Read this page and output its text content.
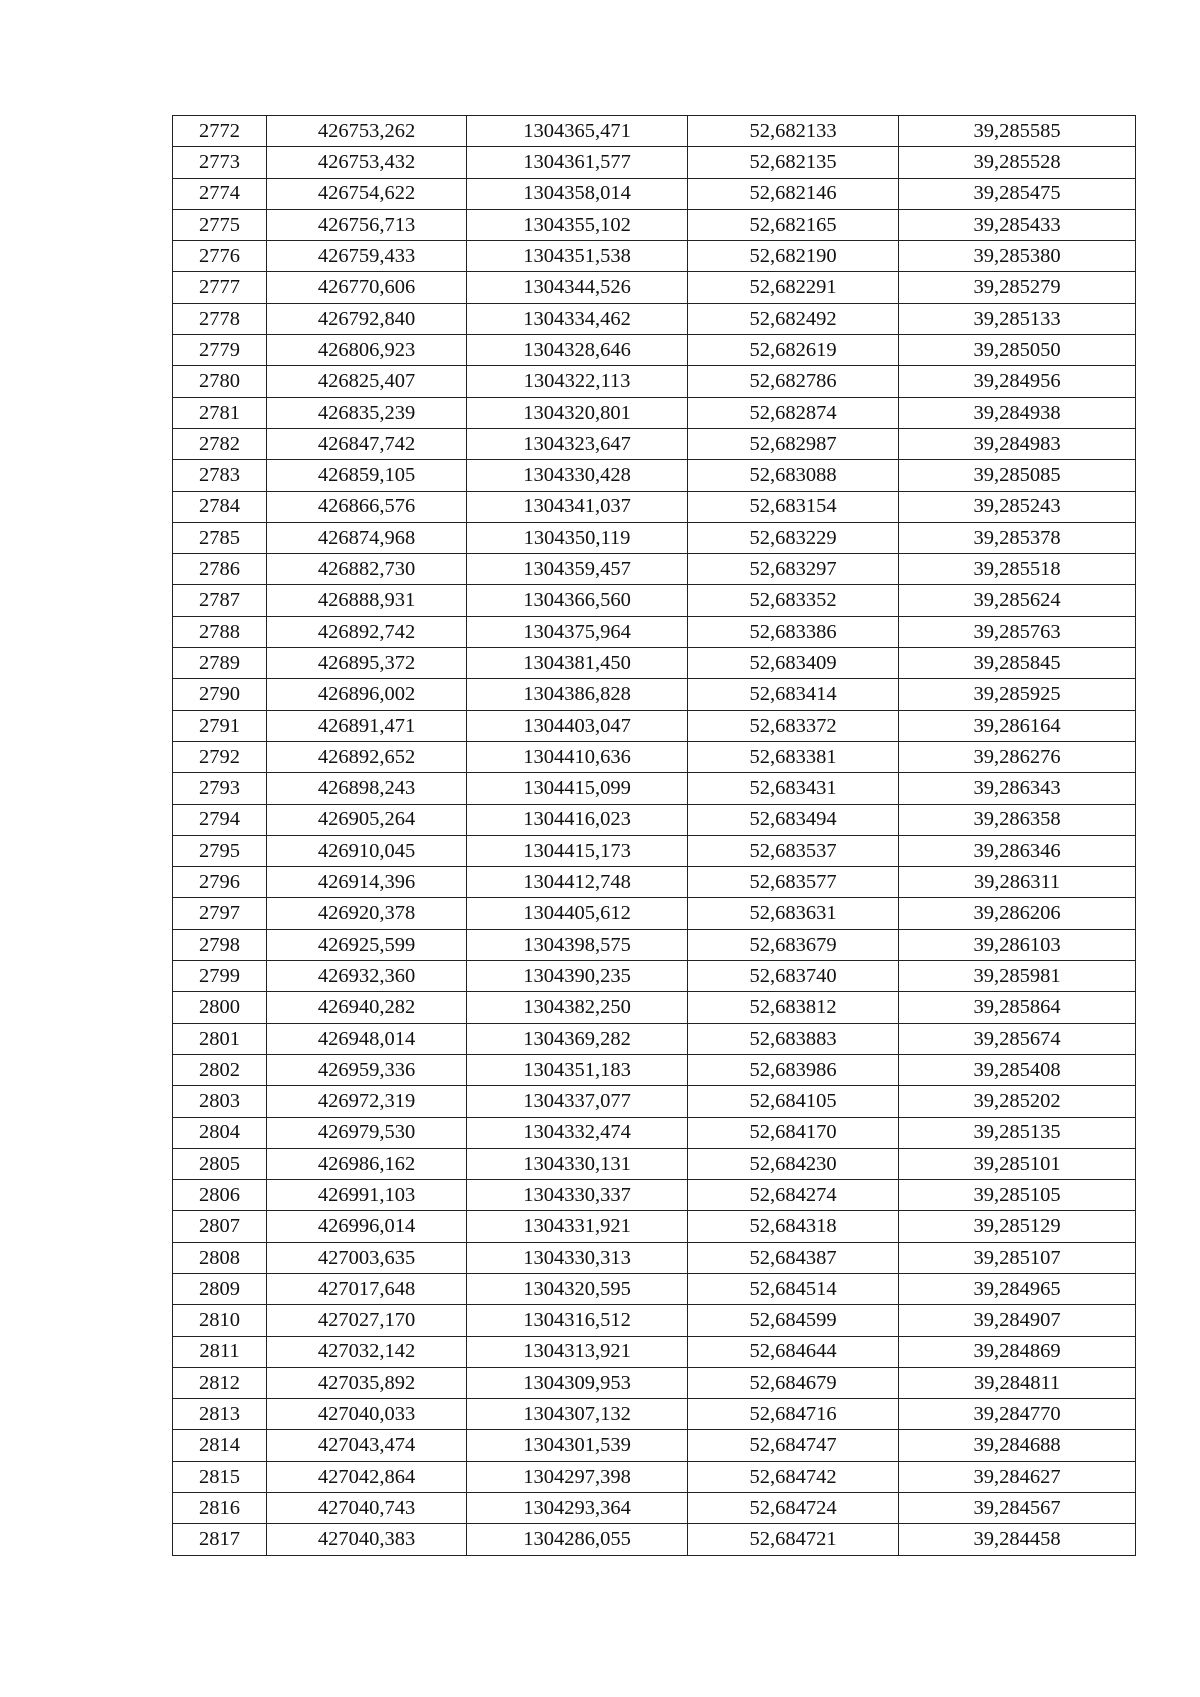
2772	426753,262	1304365,471	52,682133	39,285585
2773	426753,432	1304361,577	52,682135	39,285528
2774	426754,622	1304358,014	52,682146	39,285475
2775	426756,713	1304355,102	52,682165	39,285433
2776	426759,433	1304351,538	52,682190	39,285380
2777	426770,606	1304344,526	52,682291	39,285279
2778	426792,840	1304334,462	52,682492	39,285133
2779	426806,923	1304328,646	52,682619	39,285050
2780	426825,407	1304322,113	52,682786	39,284956
2781	426835,239	1304320,801	52,682874	39,284938
2782	426847,742	1304323,647	52,682987	39,284983
2783	426859,105	1304330,428	52,683088	39,285085
2784	426866,576	1304341,037	52,683154	39,285243
2785	426874,968	1304350,119	52,683229	39,285378
2786	426882,730	1304359,457	52,683297	39,285518
2787	426888,931	1304366,560	52,683352	39,285624
2788	426892,742	1304375,964	52,683386	39,285763
2789	426895,372	1304381,450	52,683409	39,285845
2790	426896,002	1304386,828	52,683414	39,285925
2791	426891,471	1304403,047	52,683372	39,286164
2792	426892,652	1304410,636	52,683381	39,286276
2793	426898,243	1304415,099	52,683431	39,286343
2794	426905,264	1304416,023	52,683494	39,286358
2795	426910,045	1304415,173	52,683537	39,286346
2796	426914,396	1304412,748	52,683577	39,286311
2797	426920,378	1304405,612	52,683631	39,286206
2798	426925,599	1304398,575	52,683679	39,286103
2799	426932,360	1304390,235	52,683740	39,285981
2800	426940,282	1304382,250	52,683812	39,285864
2801	426948,014	1304369,282	52,683883	39,285674
2802	426959,336	1304351,183	52,683986	39,285408
2803	426972,319	1304337,077	52,684105	39,285202
2804	426979,530	1304332,474	52,684170	39,285135
2805	426986,162	1304330,131	52,684230	39,285101
2806	426991,103	1304330,337	52,684274	39,285105
2807	426996,014	1304331,921	52,684318	39,285129
2808	427003,635	1304330,313	52,684387	39,285107
2809	427017,648	1304320,595	52,684514	39,284965
2810	427027,170	1304316,512	52,684599	39,284907
2811	427032,142	1304313,921	52,684644	39,284869
2812	427035,892	1304309,953	52,684679	39,284811
2813	427040,033	1304307,132	52,684716	39,284770
2814	427043,474	1304301,539	52,684747	39,284688
2815	427042,864	1304297,398	52,684742	39,284627
2816	427040,743	1304293,364	52,684724	39,284567
2817	427040,383	1304286,055	52,684721	39,284458
